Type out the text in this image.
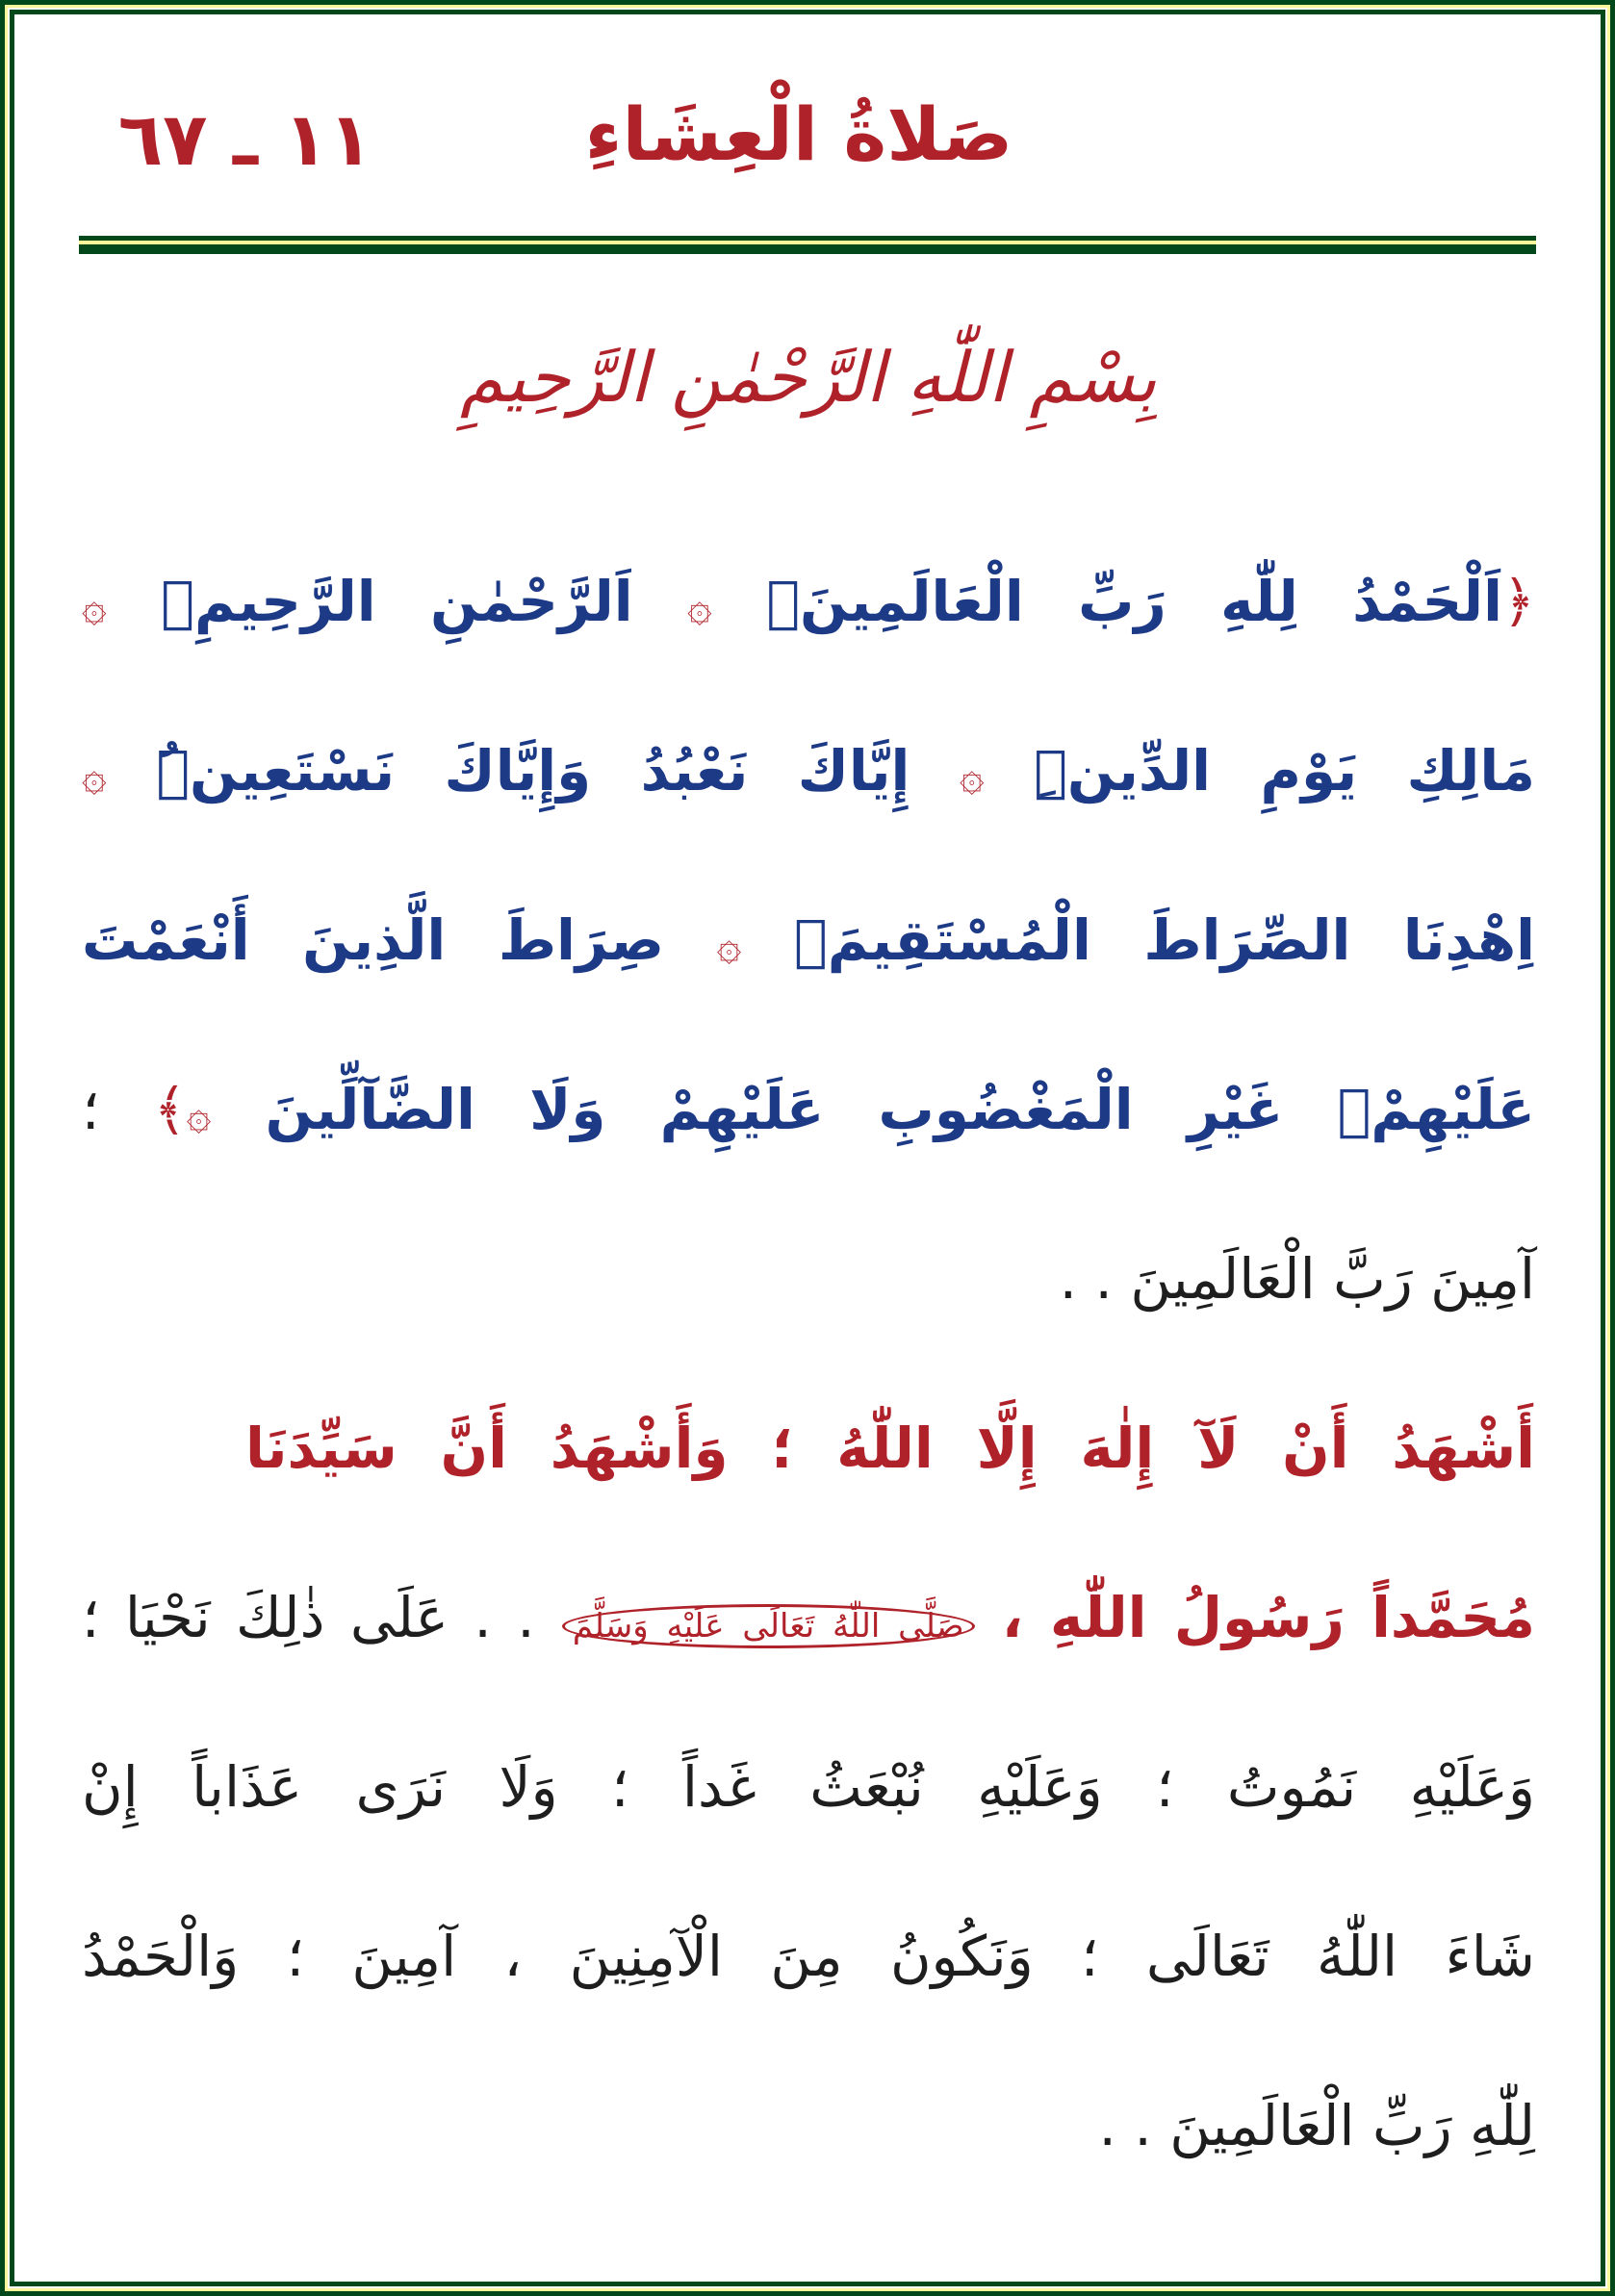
صَلاةُ الْعِشَاءِ
١١ ـ ٦٧
بِسْمِ اللّٰهِ الرَّحْمٰنِ الرَّحِيمِ
﴿اَلْحَمْدُ لِلّٰهِ رَبِّ الْعَالَمِينَۙ ۞ اَلرَّحْمٰنِ الرَّحِيمِۙ ۞
مَالِكِ يَوْمِ الدِّينِۜ ۞ إِيَّاكَ نَعْبُدُ وَإِيَّاكَ نَسْتَعِينُۜ ۞
اِهْدِنَا الصِّرَاطَ الْمُسْتَقِيمَۙ ۞ صِرَاطَ الَّذِينَ أَنْعَمْتَ
عَلَيْهِمْۙ غَيْرِ الْمَغْضُوبِ عَلَيْهِمْ وَلَا الضَّآلِّينَ ۞﴾ ؛
آمِينَ رَبَّ الْعَالَمِينَ . .
أَشْهَدُ أَنْ لَآ إِلٰهَ إِلَّا اللّٰهُ ؛ وَأَشْهَدُ أَنَّ سَيِّدَنَا
مُحَمَّداً رَسُولُ اللّٰهِ ، صَلَّى اللّٰهُ تَعَالَى عَلَيْهِ وَسَلَّمَ . . عَلَى ذٰلِكَ نَحْيَا ؛
وَعَلَيْهِ نَمُوتُ ؛ وَعَلَيْهِ نُبْعَثُ غَداً ؛ وَلَا نَرَى عَذَاباً إِنْ
شَاءَ اللّٰهُ تَعَالَى ؛ وَنَكُونُ مِنَ الْآمِنِينَ ، آمِينَ ؛ وَالْحَمْدُ
لِلّٰهِ رَبِّ الْعَالَمِينَ . .
